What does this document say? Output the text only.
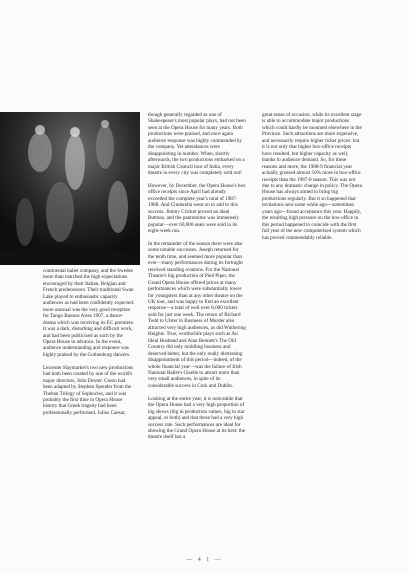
continental ballet company, and the Swedes more than matched the high expectations encouraged by their Italian, Belgian and French predecessors. Their traditional Swan Lake played to enthusiastic capacity audiences as had been confidently expected: more unusual was the very good reception for Tango Buenos Aires 1907, a dance-drama which was receiving its EC premiere. It was a dark, disturbing and difficult work, and had been publicised as such by the Opera House in advance. In the event, audience understanding and response was highly praised by the Gothenburg dancers.

Leicester Haymarket's two new productions had both been created by one of the world's major directors, John Dexter. Creon had been adapted by Stephen Spender from the Theban Trilogy of Sophocles, and it was probably the first time in Opera House history that Greek tragedy had been professionally performed. Julius Caesar,

though generally regarded as one of Shakespeare's most popular plays, had not been seen at the Opera House for many years. Both productions were praised, and once again audience response was highly commended by the company. Yet attendances were disappointing in number. When, shortly afterwards, the two productions embarked on a major British Council tour of India, every theatre in every city was completely sold out!

However, by December, the Opera House's box office receipts since April had already exceeded the complete year's total of 1987-1988. And Cinderella went on to add to this success. Jimmy Cricket proved an ideal Buttons, and the pantomime was immensely popular—over 60,000 seats were sold in its eight-week run.

In the remainder of the season there were also some notable successes. Joseph returned for the tenth time, and seemed more popular than ever—many performances during its fortnight received standing ovations. For the National Theatre's big production of Pied Piper, the Grand Opera House offered prices at many performances which were substantially lower for youngsters than at any other theatre on the UK tour, and was happy to find an excellent response—a total of well over 8,000 tickets sold for just one week. The return of Richard Todd to Ulster in Business of Murder also attracted very high audiences, as did Wuthering Heights. True, worthwhile plays such as An Ideal Husband and Alan Bennett's The Old Country did only middling business and deserved better, but the only really distressing disappointment of this period—indeed, of the whole financial year—was the failure of Irish National Ballet's Giselle to attract more than very small audiences, in spite of its considerable success in Cork and Dublin.

Looking at the entire year, it is noticeable that the Opera House had a very high proportion of big shows (big in production values, big in star appeal, or both) and that these had a very high success rate. Such performances are ideal for showing the Grand Opera House at its best: the theatre itself has a

great sense of occasion, while its excellent stage is able to accommodate major productions which could hardly be mounted elsewhere in the Province. Such attractions are more expensive, and necessarily require higher ticket prices: but it is not only that higher box-office receipts have resulted, but higher capacity as well, thanks to audience demand. So, for these reasons and more, the 1988-9 financial year actually grossed almost 50% more in box-office receipts than the 1987-8 season. This was not due to any dramatic change in policy. The Opera House has always aimed to bring big productions regularly. But it so happened that invitations sent some while ago—sometimes years ago—found acceptance this year. Happily, the resulting high pressure on the box-office in this period happened to coincide with the first full year of the new computerised system which has proved commendably reliable.

— 4 1 —
